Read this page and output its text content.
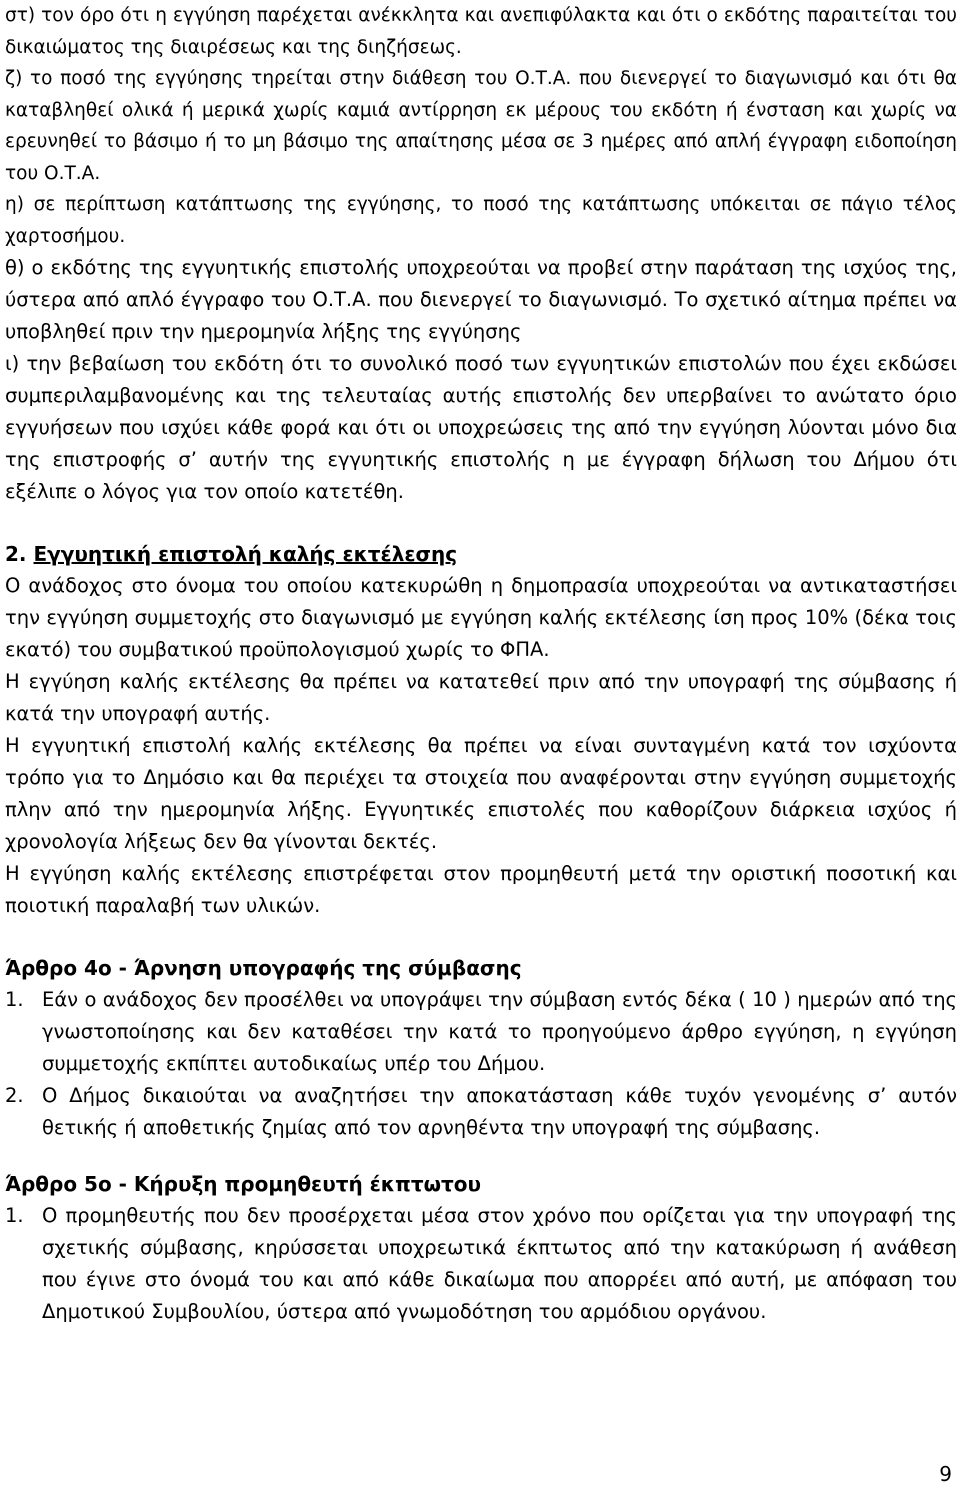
στ) τον όρο ότι η εγγύηση παρέχεται ανέκκλητα και ανεπιφύλακτα και ότι ο εκδότης παραιτείται του δικαιώματος της διαιρέσεως και της διηζήσεως.

ζ) το ποσό της εγγύησης τηρείται στην διάθεση του Ο.Τ.Α. που διενεργεί το διαγωνισμό και ότι θα καταβληθεί ολικά ή μερικά χωρίς καμιά αντίρρηση εκ μέρους του εκδότη ή ένσταση και χωρίς να ερευνηθεί το βάσιμο ή το μη βάσιμο της απαίτησης μέσα σε 3 ημέρες από απλή έγγραφη ειδοποίηση του Ο.Τ.Α.

η) σε περίπτωση κατάπτωσης της εγγύησης, το ποσό της κατάπτωσης υπόκειται σε πάγιο τέλος χαρτοσήμου.

θ) ο εκδότης της εγγυητικής επιστολής υποχρεούται να προβεί στην παράταση της ισχύος της, ύστερα από απλό έγγραφο του Ο.Τ.Α. που διενεργεί το διαγωνισμό. Το σχετικό αίτημα πρέπει να υποβληθεί πριν την ημερομηνία λήξης της εγγύησης

ι) την βεβαίωση του εκδότη ότι το συνολικό ποσό των εγγυητικών επιστολών που έχει εκδώσει συμπεριλαμβανομένης και της τελευταίας αυτής επιστολής δεν υπερβαίνει το ανώτατο όριο εγγυήσεων που ισχύει κάθε φορά και ότι οι υποχρεώσεις της από την εγγύηση λύονται μόνο δια της επιστροφής σ’ αυτήν της εγγυητικής επιστολής η με έγγραφη δήλωση του Δήμου ότι εξέλιπε ο λόγος για τον οποίο κατετέθη.

2. Εγγυητική επιστολή καλής εκτέλεσης

Ο ανάδοχος στο όνομα του οποίου κατεκυρώθη η δημοπρασία υποχρεούται να αντικαταστήσει την εγγύηση συμμετοχής στο διαγωνισμό με εγγύηση καλής εκτέλεσης ίση προς 10% (δέκα τοις εκατό) του συμβατικού προϋπολογισμού χωρίς το ΦΠΑ.

Η εγγύηση καλής εκτέλεσης θα πρέπει να κατατεθεί πριν από την υπογραφή της σύμβασης ή κατά την υπογραφή αυτής.

Η εγγυητική επιστολή καλής εκτέλεσης θα πρέπει να είναι συνταγμένη κατά τον ισχύοντα τρόπο για το Δημόσιο και θα περιέχει τα στοιχεία που αναφέρονται στην εγγύηση συμμετοχής πλην από την ημερομηνία λήξης. Εγγυητικές επιστολές που καθορίζουν διάρκεια ισχύος ή χρονολογία λήξεως δεν θα γίνονται δεκτές.

Η εγγύηση καλής εκτέλεσης επιστρέφεται στον προμηθευτή μετά την οριστική ποσοτική και ποιοτική παραλαβή των υλικών.

Άρθρο 4ο - Άρνηση υπογραφής της σύμβασης

1. Εάν ο ανάδοχος δεν προσέλθει να υπογράψει την σύμβαση εντός δέκα ( 10 ) ημερών από της γνωστοποίησης και δεν καταθέσει την κατά το προηγούμενο άρθρο εγγύηση, η εγγύηση συμμετοχής εκπίπτει αυτοδικαίως υπέρ του Δήμου.
2. Ο Δήμος δικαιούται να αναζητήσει την αποκατάσταση κάθε τυχόν γενομένης σ’ αυτόν θετικής ή αποθετικής ζημίας από τον αρνηθέντα την υπογραφή της σύμβασης.

Άρθρο 5ο - Κήρυξη προμηθευτή έκπτωτου

1. Ο προμηθευτής που δεν προσέρχεται μέσα στον χρόνο που ορίζεται για την υπογραφή της σχετικής σύμβασης, κηρύσσεται υποχρεωτικά έκπτωτος από την κατακύρωση ή ανάθεση που έγινε στο όνομά του και από κάθε δικαίωμα που απορρέει από αυτή, με απόφαση του Δημοτικού Συμβουλίου, ύστερα από γνωμοδότηση του αρμόδιου οργάνου.
9
